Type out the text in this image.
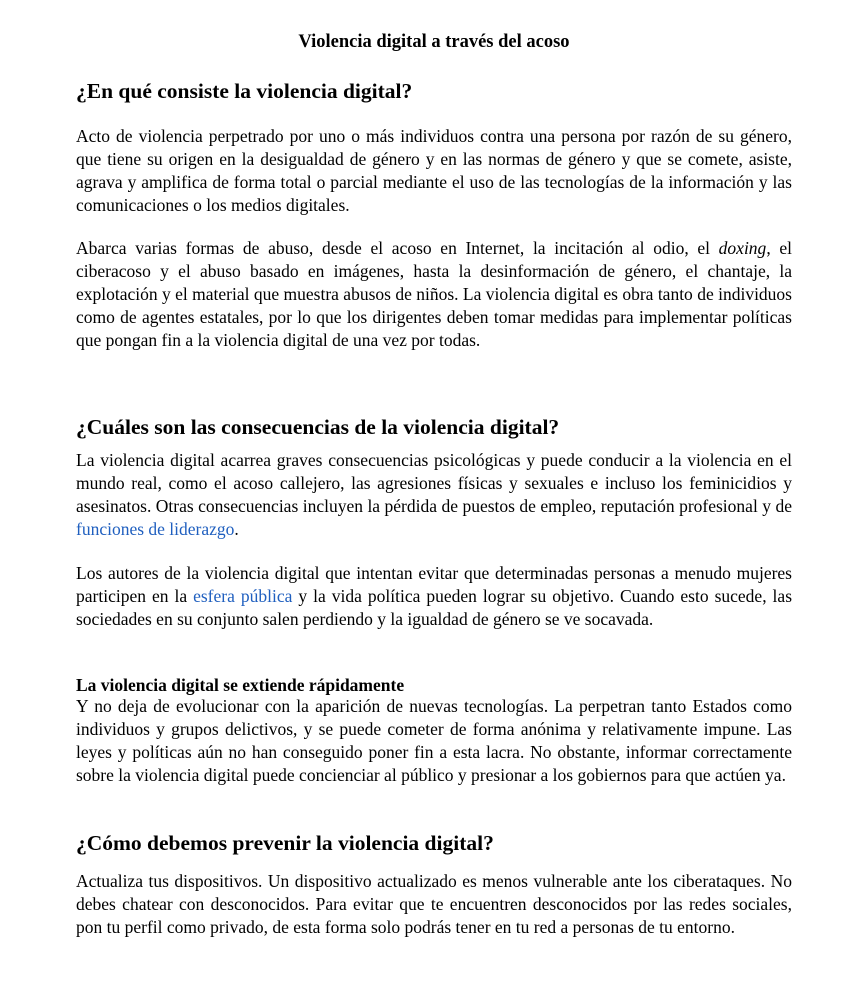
Violencia digital a través del acoso
¿En qué consiste la violencia digital?

Acto de violencia perpetrado por uno o más individuos contra una persona por razón de su género, que tiene su origen en la desigualdad de género y en las normas de género y que se comete, asiste, agrava y amplifica de forma total o parcial mediante el uso de las tecnologías de la información y las comunicaciones o los medios digitales.

Abarca varias formas de abuso, desde el acoso en Internet, la incitación al odio, el doxing, el ciberacoso y el abuso basado en imágenes, hasta la desinformación de género, el chantaje, la explotación y el material que muestra abusos de niños. La violencia digital es obra tanto de individuos como de agentes estatales, por lo que los dirigentes deben tomar medidas para implementar políticas que pongan fin a la violencia digital de una vez por todas.

¿Cuáles son las consecuencias de la violencia digital?

La violencia digital acarrea graves consecuencias psicológicas y puede conducir a la violencia en el mundo real, como el acoso callejero, las agresiones físicas y sexuales e incluso los feminicidios y asesinatos. Otras consecuencias incluyen la pérdida de puestos de empleo, reputación profesional y de funciones de liderazgo.

Los autores de la violencia digital que intentan evitar que determinadas personas a menudo mujeres participen en la esfera pública y la vida política pueden lograr su objetivo. Cuando esto sucede, las sociedades en su conjunto salen perdiendo y la igualdad de género se ve socavada.

La violencia digital se extiende rápidamente

Y no deja de evolucionar con la aparición de nuevas tecnologías. La perpetran tanto Estados como individuos y grupos delictivos, y se puede cometer de forma anónima y relativamente impune. Las leyes y políticas aún no han conseguido poner fin a esta lacra. No obstante, informar correctamente sobre la violencia digital puede concienciar al público y presionar a los gobiernos para que actúen ya.

¿Cómo debemos prevenir la violencia digital?

Actualiza tus dispositivos. Un dispositivo actualizado es menos vulnerable ante los ciberataques. No debes chatear con desconocidos. Para evitar que te encuentren desconocidos por las redes sociales, pon tu perfil como privado, de esta forma solo podrás tener en tu red a personas de tu entorno.
